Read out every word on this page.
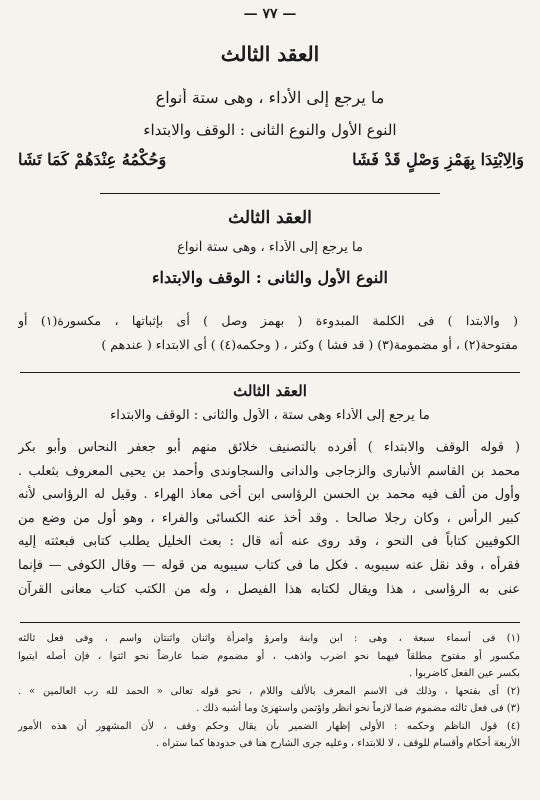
— ٧٧ —
العقد الثالث
ما يرجع إلى الأداء ، وهى ستة أنواع
النوع الأول والنوع الثانى : الوقف والابتداء
وَالِابْتِدَا بِهَمْزِ وَصْلٍ قَدْ فَشَا
وَحُكْمُهُ عِنْدَهُمْ كَمَا تَشَا
العقد الثالث
ما يرجع إلى الأداء ، وهى ستة أنواع
النوع الأول والثانى : الوقف والابتداء
( والابتدا ) فى الكلمة المبدوءة ( بهمز وصل ) أى بإثباتها ، مكسورة(١) أو
مفتوحة(٢) ، أو مضمومة(٣) ( قد فشا ) وكثر ، ( وحكمه(٤) ) أى الابتداء ( عندهم )
العقد الثالث
ما يرجع إلى الأداء وهى ستة ، الأول والثانى : الوقف والابتداء
( قوله الوقف والابتداء ) أفرده بالتصنيف خلائق منهم أبو جعفر النحاس وأبو بكر
محمد بن القاسم الأنبارى والزجاجى والدانى والسجاوندى وأحمد بن يحيى المعروف بثعلب .
وأول من ألف فيه محمد بن الحسن الرؤاسى ابن أخى معاذ الهراء . وقيل له الرؤاسى لأنه
كبير الرأس ، وكان رجلا صالحا . وقد أخذ عنه الكسائى والفراء ، وهو أول من وضع من
الكوفيين كتاباً فى النحو ، وقد روى عنه أنه قال : بعث الخليل يطلب كتابى فبعثته إليه
فقرأه ، وقد نقل عنه سيبويه . فكل ما فى كتاب سيبويه من قوله — وقال الكوفى — فإنما
عنى به الرؤاسى ، هذا ويقال لكتابه هذا الفيصل ، وله من الكتب كتاب معانى القرآن
(١) فى أسماء سبعة ، وهى : ابن وابنة وامرؤ وامرأة واثنان واثنتان واسم ، وفى فعل ثالثه
مكسور أو مفتوح مطلقاً فيهما نحو اضرب واذهب ، أو مضموم ضما عارضاً نحو ائتوا ، فإن أصله ايتيوا
بكسر عين الفعل كاضربوا .
(٢) أى بفتحها ، وذلك فى الاسم المعرف بالألف واللام ، نحو قوله تعالى « الحمد لله رب العالمين » .
(٣) فى فعل ثالثه مضموم ضما لازماً نحو انظر واؤتمن واستهزئ وما أشبه ذلك .
(٤) قول الناظم وحكمه : الأولى إظهار الضمير بأن يقال وحكم وقف ، لأن المشهور أن هذه الأمور
الأربعة أحكام وأقسام للوقف ، لا للابتداء ، وعليه جرى الشارح هنا فى حدودها كما ستراه .
